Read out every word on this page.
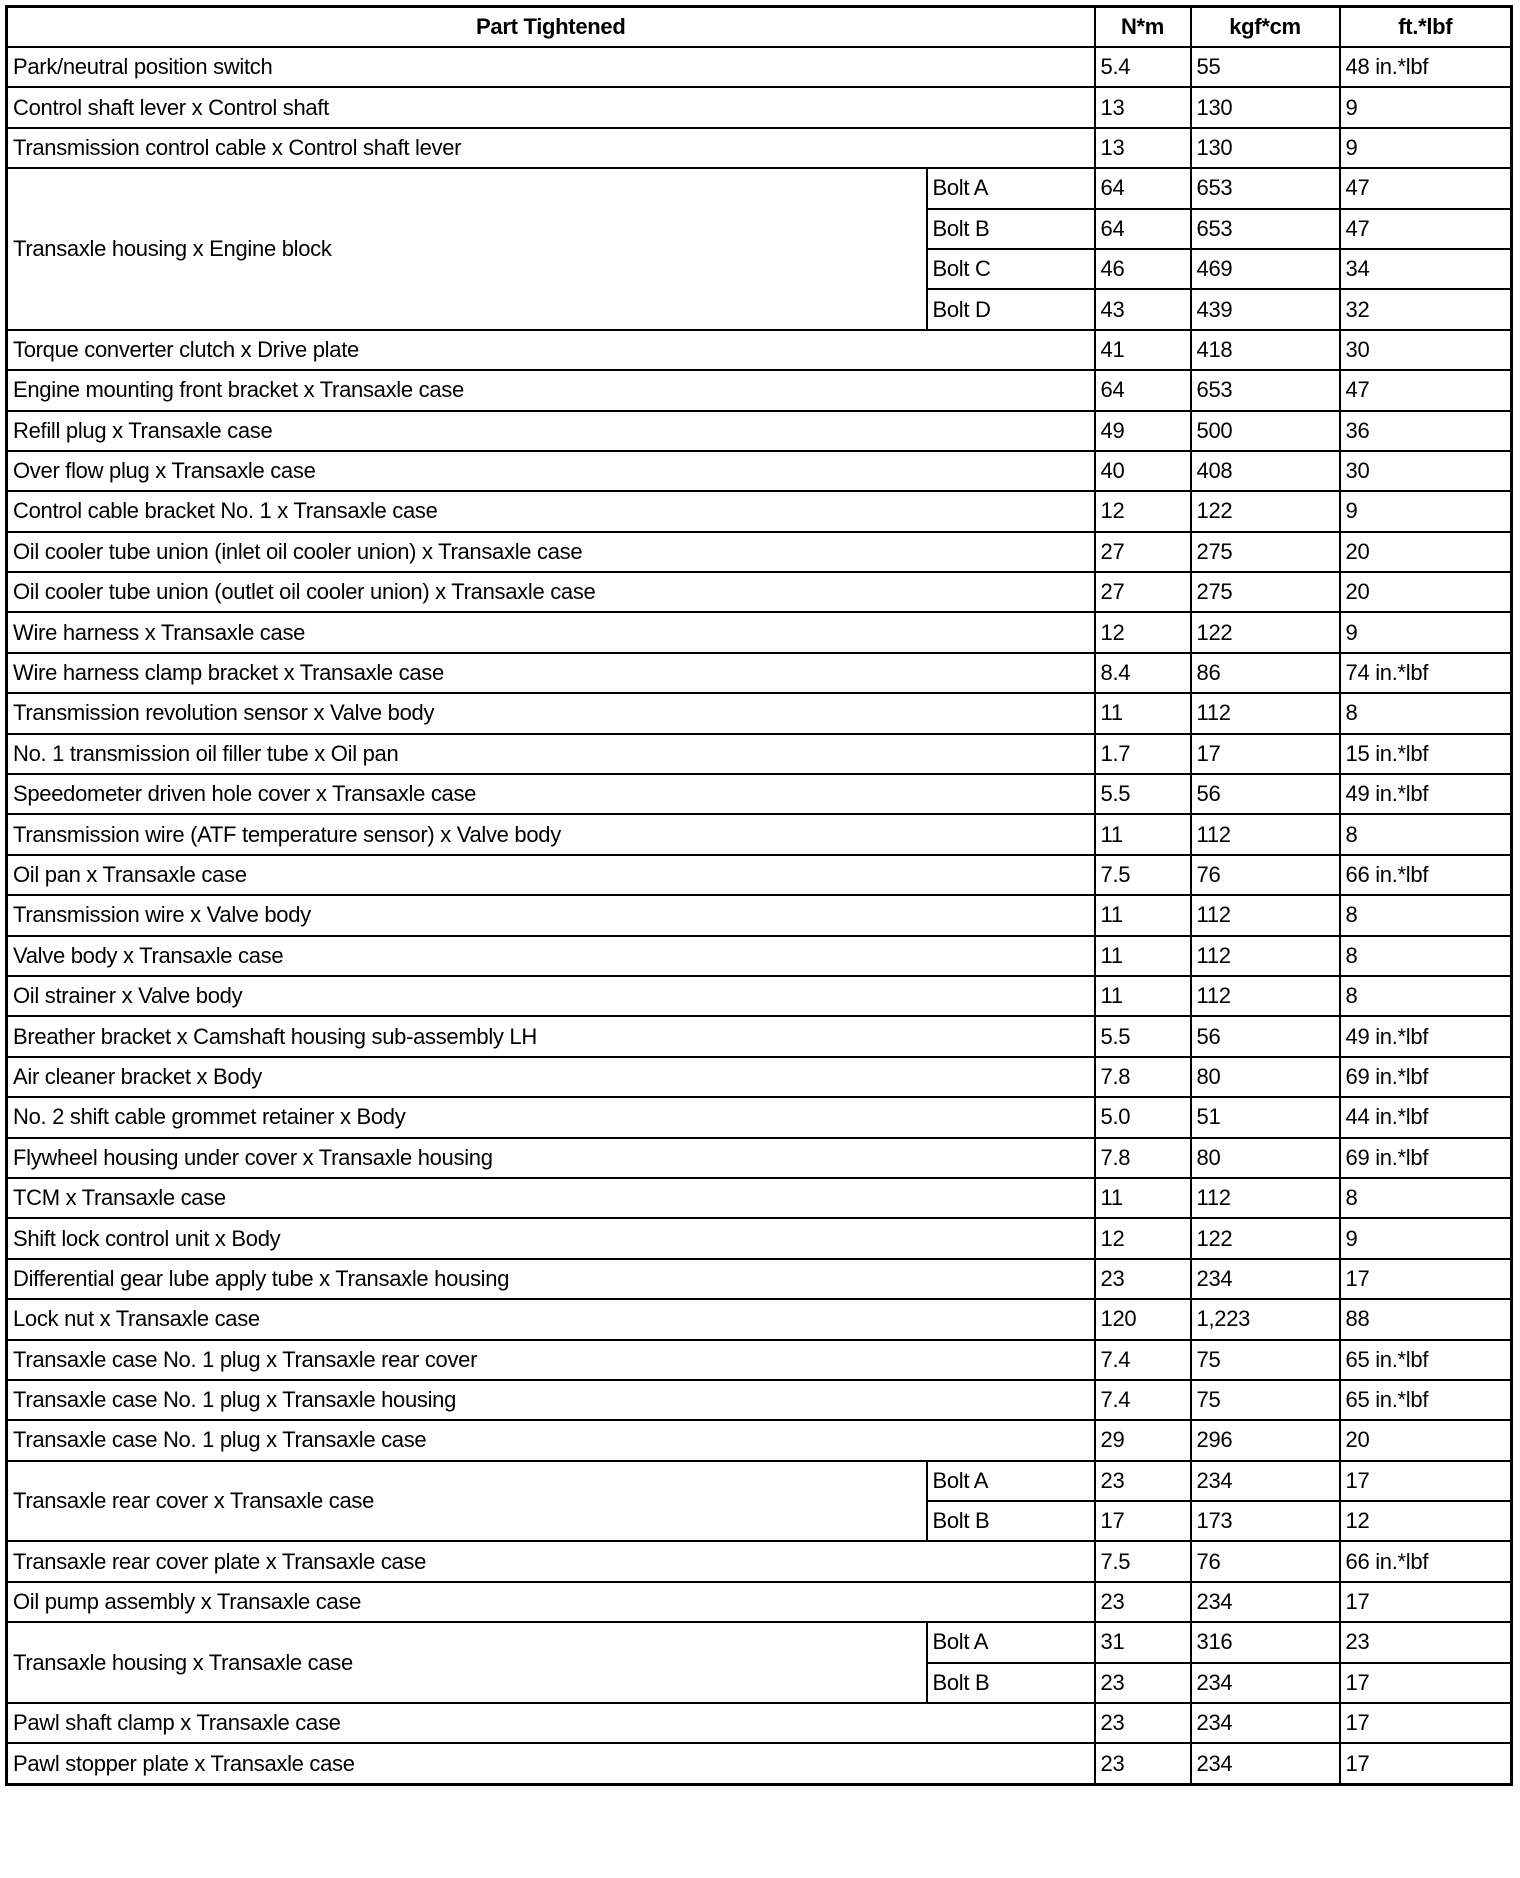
Part Tightened		N*m	kgf*cm	ft.*lbf
Park/neutral position switch		5.4	55	48 in.*lbf
Control shaft lever x Control shaft		13	130	9
Transmission control cable x Control shaft lever		13	130	9
Transaxle housing x Engine block	Bolt A	64	653	47
	Bolt B	64	653	47
	Bolt C	46	469	34
	Bolt D	43	439	32
Torque converter clutch x Drive plate		41	418	30
Engine mounting front bracket x Transaxle case		64	653	47
Refill plug x Transaxle case		49	500	36
Over flow plug x Transaxle case		40	408	30
Control cable bracket No. 1 x Transaxle case		12	122	9
Oil cooler tube union (inlet oil cooler union) x Transaxle case		27	275	20
Oil cooler tube union (outlet oil cooler union) x Transaxle case		27	275	20
Wire harness x Transaxle case		12	122	9
Wire harness clamp bracket x Transaxle case		8.4	86	74 in.*lbf
Transmission revolution sensor x Valve body		11	112	8
No. 1 transmission oil filler tube x Oil pan		1.7	17	15 in.*lbf
Speedometer driven hole cover x Transaxle case		5.5	56	49 in.*lbf
Transmission wire (ATF temperature sensor) x Valve body		11	112	8
Oil pan x Transaxle case		7.5	76	66 in.*lbf
Transmission wire x Valve body		11	112	8
Valve body x Transaxle case		11	112	8
Oil strainer x Valve body		11	112	8
Breather bracket x Camshaft housing sub-assembly LH		5.5	56	49 in.*lbf
Air cleaner bracket x Body		7.8	80	69 in.*lbf
No. 2 shift cable grommet retainer x Body		5.0	51	44 in.*lbf
Flywheel housing under cover x Transaxle housing		7.8	80	69 in.*lbf
TCM x Transaxle case		11	112	8
Shift lock control unit x Body		12	122	9
Differential gear lube apply tube x Transaxle housing		23	234	17
Lock nut x Transaxle case		120	1,223	88
Transaxle case No. 1 plug x Transaxle rear cover		7.4	75	65 in.*lbf
Transaxle case No. 1 plug x Transaxle housing		7.4	75	65 in.*lbf
Transaxle case No. 1 plug x Transaxle case		29	296	20
Transaxle rear cover x Transaxle case	Bolt A	23	234	17
	Bolt B	17	173	12
Transaxle rear cover plate x Transaxle case		7.5	76	66 in.*lbf
Oil pump assembly x Transaxle case		23	234	17
Transaxle housing x Transaxle case	Bolt A	31	316	23
	Bolt B	23	234	17
Pawl shaft clamp x Transaxle case		23	234	17
Pawl stopper plate x Transaxle case		23	234	17
